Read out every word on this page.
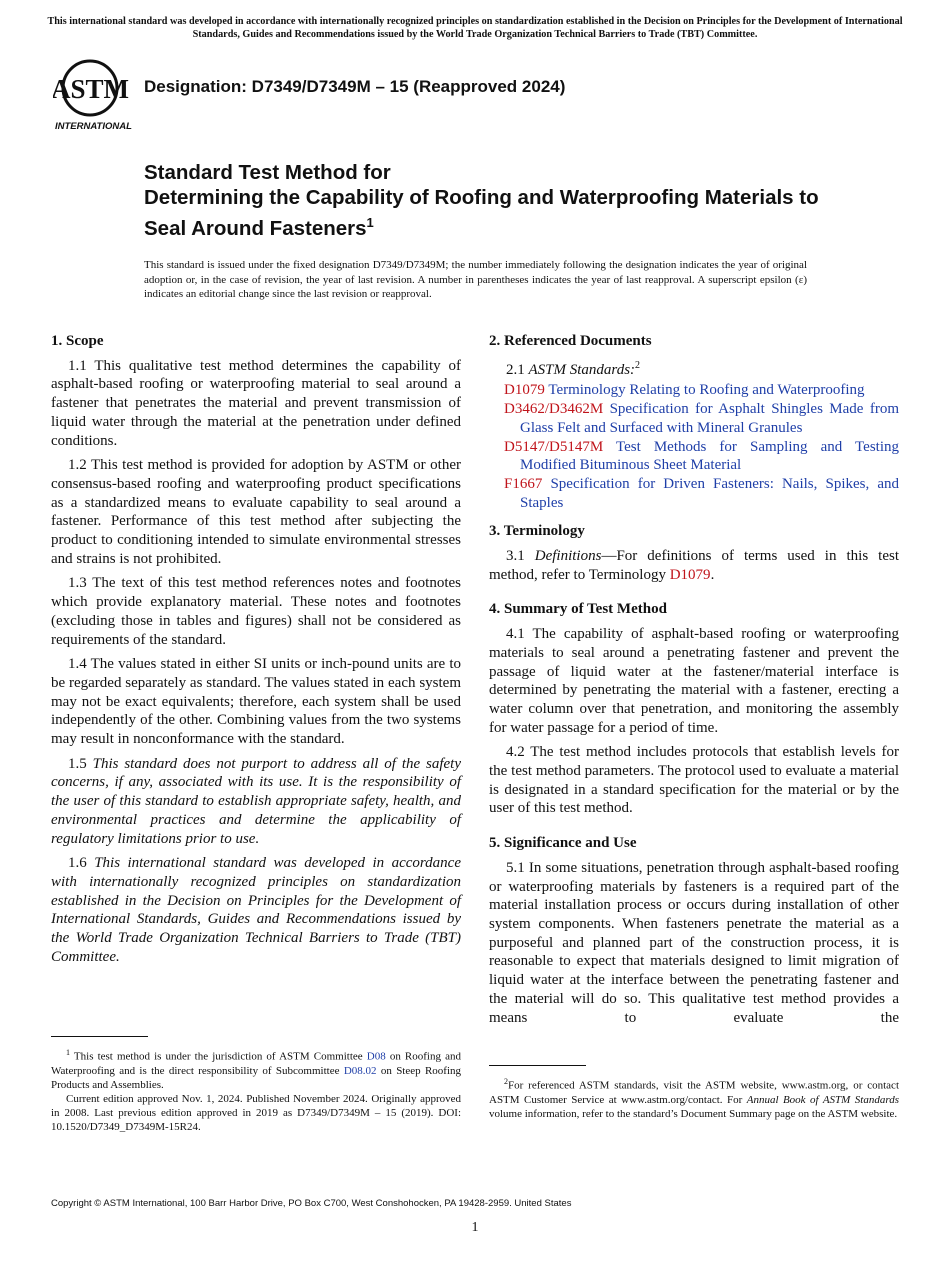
This international standard was developed in accordance with internationally recognized principles on standardization established in the Decision on Principles for the Development of International Standards, Guides and Recommendations issued by the World Trade Organization Technical Barriers to Trade (TBT) Committee.
ASTM
INTERNATIONAL
Designation: D7349/D7349M – 15 (Reapproved 2024)
Standard Test Method for
Determining the Capability of Roofing and Waterproofing Materials to Seal Around Fasteners$^1$
This standard is issued under the fixed designation D7349/D7349M; the number immediately following the designation indicates the year of original adoption or, in the case of revision, the year of last revision. A number in parentheses indicates the year of last reapproval. A superscript epsilon (ε) indicates an editorial change since the last revision or reapproval.
1. Scope

1.1 This qualitative test method determines the capability of asphalt-based roofing or waterproofing material to seal around a fastener that penetrates the material and prevent transmission of liquid water through the material at the penetration under defined conditions.

1.2 This test method is provided for adoption by ASTM or other consensus-based roofing and waterproofing product specifications as a standardized means to evaluate capability to seal around a fastener. Performance of this test method after subjecting the product to conditioning intended to simulate environmental stresses and strains is not prohibited.

1.3 The text of this test method references notes and footnotes which provide explanatory material. These notes and footnotes (excluding those in tables and figures) shall not be considered as requirements of the standard.

1.4 The values stated in either SI units or inch-pound units are to be regarded separately as standard. The values stated in each system may not be exact equivalents; therefore, each system shall be used independently of the other. Combining values from the two systems may result in nonconformance with the standard.

1.5 This standard does not purport to address all of the safety concerns, if any, associated with its use. It is the responsibility of the user of this standard to establish appropriate safety, health, and environmental practices and determine the applicability of regulatory limitations prior to use.

1.6 This international standard was developed in accordance with internationally recognized principles on standardization established in the Decision on Principles for the Development of International Standards, Guides and Recommendations issued by the World Trade Organization Technical Barriers to Trade (TBT) Committee.

2. Referenced Documents

2.1 ASTM Standards:$^2$

D1079 Terminology Relating to Roofing and Waterproofing

D3462/D3462M Specification for Asphalt Shingles Made from Glass Felt and Surfaced with Mineral Granules

D5147/D5147M Test Methods for Sampling and Testing Modified Bituminous Sheet Material

F1667 Specification for Driven Fasteners: Nails, Spikes, and Staples

3. Terminology

3.1 Definitions—For definitions of terms used in this test method, refer to Terminology D1079.

4. Summary of Test Method

4.1 The capability of asphalt-based roofing or waterproofing materials to seal around a penetrating fastener and prevent the passage of liquid water at the fastener/material interface is determined by penetrating the material with a fastener, erecting a water column over that penetration, and monitoring the assembly for water passage for a period of time.

4.2 The test method includes protocols that establish levels for the test method parameters. The protocol used to evaluate a material is designated in a standard specification for the material or by the user of this test method.

5. Significance and Use

5.1 In some situations, penetration through asphalt-based roofing or waterproofing materials by fasteners is a required part of the material installation process or occurs during installation of other system components. When fasteners penetrate the material as a purposeful and planned part of the construction process, it is reasonable to expect that materials designed to limit migration of liquid water at the interface between the penetrating fastener and the material will do so. This qualitative test method provides a means to evaluate the

$^1$ This test method is under the jurisdiction of ASTM Committee D08 on Roofing and Waterproofing and is the direct responsibility of Subcommittee D08.02 on Steep Roofing Products and Assemblies.

Current edition approved Nov. 1, 2024. Published November 2024. Originally approved in 2008. Last previous edition approved in 2019 as D7349/D7349M – 15 (2019). DOI: 10.1520/D7349_D7349M-15R24.

$^2$For referenced ASTM standards, visit the ASTM website, www.astm.org, or contact ASTM Customer Service at www.astm.org/contact. For Annual Book of ASTM Standards volume information, refer to the standard’s Document Summary page on the ASTM website.

Copyright © ASTM International, 100 Barr Harbor Drive, PO Box C700, West Conshohocken, PA 19428-2959. United States
1
